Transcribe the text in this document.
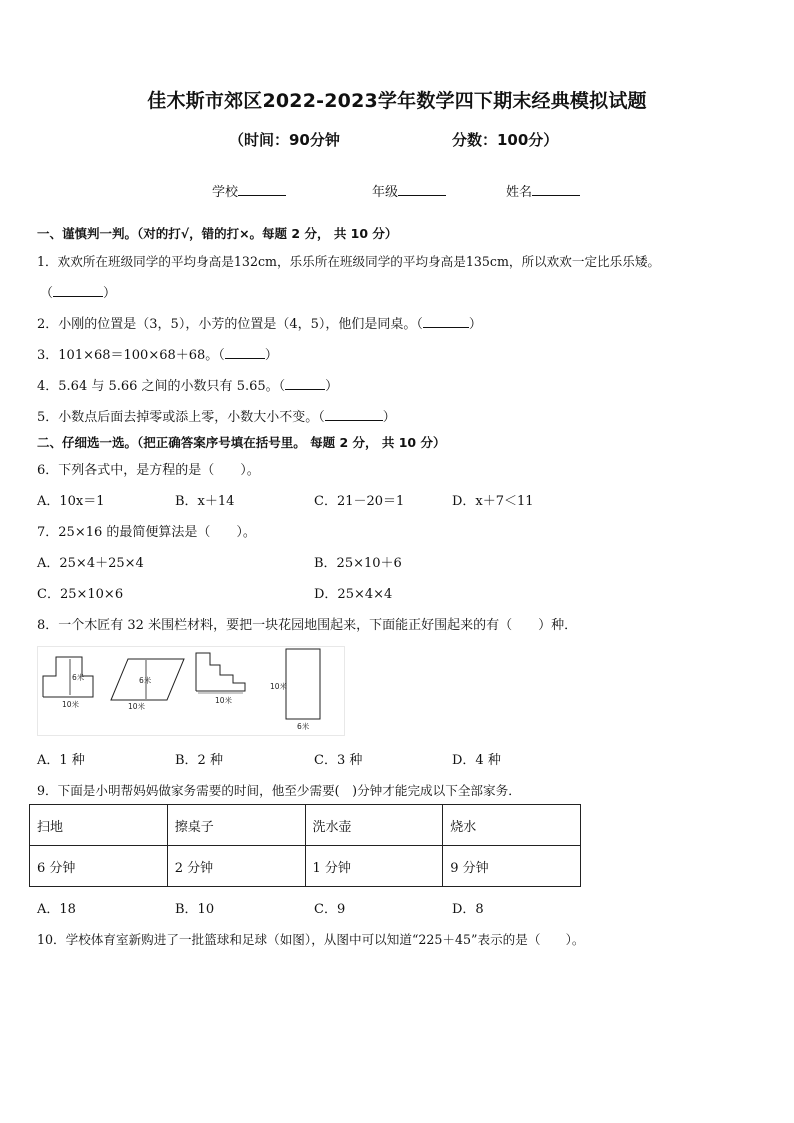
佳木斯市郊区2022-2023学年数学四下期末经典模拟试题
（时间：90分钟	分数：100分）
学校	年级	姓名
一、谨慎判一判。（对的打√，错的打×。每题 2 分， 共 10 分）
1．欢欢所在班级同学的平均身高是132cm，乐乐所在班级同学的平均身高是135cm，所以欢欢一定比乐乐矮。
（	）
2．小刚的位置是（3，5），小芳的位置是（4，5），他们是同桌。（	）
3．101×68＝100×68＋68。（	）
4．5.64 与 5.66 之间的小数只有 5.65。（	）
5．小数点后面去掉零或添上零，小数大小不变。（	）
二、仔细选一选。（把正确答案序号填在括号里。 每题 2 分， 共 10 分）
6．下列各式中，是方程的是（　　）。
A．10x＝1	B．x＋14	C．21－20＝1	D．x＋7＜11
7．25×16 的最简便算法是（　　）。
A．25×4＋25×4	B．25×10＋6
C．25×10×6	D．25×4×4
8．一个木匠有 32 米围栏材料，要把一块花园地围起来，下面能正好围起来的有（　　）种．
6米
10米
6米
10米
10米
10米
6米
A．1 种	B．2 种	C．3 种	D．4 种
9．下面是小明帮妈妈做家务需要的时间，他至少需要(　)分钟才能完成以下全部家务．
扫地	擦桌子	洗水壶	烧水
6 分钟	2 分钟	1 分钟	9 分钟
A．18	B．10	C．9	D．8
10．学校体育室新购进了一批篮球和足球（如图），从图中可以知道“225＋45”表示的是（　　）。
